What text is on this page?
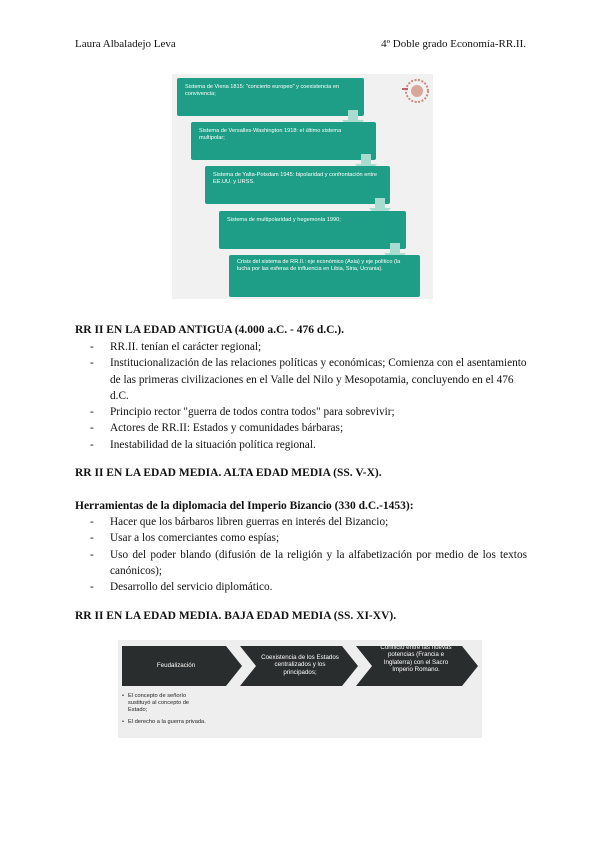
Laura Albaladejo Leva	4º Doble grado Economía-RR.II.
Sistema de Viena 1815: "concierto europeo" y coexistencia en convivencia;
Sistema de Versalles-Washington 1918: el último sistema multipolar;
Sistema de Yalta-Potsdam 1945: bipolaridad y confrontación entre EE.UU. y URSS.
Sistema de multipolaridad y hegemonía 1990;
Crisis del sistema de RR.II.: eje económico (Asia) y eje político (la lucha por las esferas de influencia en Libia, Siria, Ucrania).
RR II EN LA EDAD ANTIGUA (4.000 a.C. - 476 d.C.).
- RR.II. tenían el carácter regional;
- Institucionalización de las relaciones políticas y económicas; Comienza con el asentamiento de las primeras civilizaciones en el Valle del Nilo y Mesopotamia, concluyendo en el 476 d.C.
- Principio rector "guerra de todos contra todos" para sobrevivir;
- Actores de RR.II: Estados y comunidades bárbaras;
- Inestabilidad de la situación política regional.
RR II EN LA EDAD MEDIA. ALTA EDAD MEDIA (SS. V-X).
Herramientas de la diplomacia del Imperio Bizancio (330 d.C.-1453):
- Hacer que los bárbaros libren guerras en interés del Bizancio;
- Usar a los comerciantes como espías;
- Uso del poder blando (difusión de la religión y la alfabetización por medio de los textos canónicos);
- Desarrollo del servicio diplomático.
RR II EN LA EDAD MEDIA. BAJA EDAD MEDIA (SS. XI-XV).
Feudalización
Coexistencia de los Estados centralizados y los principados;
Conflicto entre las nuevas potencias (Francia e Inglaterra) con el Sacro Imperio Romano.
• El concepto de señorío sustituyó al concepto de Estado;
• El derecho a la guerra privada.
